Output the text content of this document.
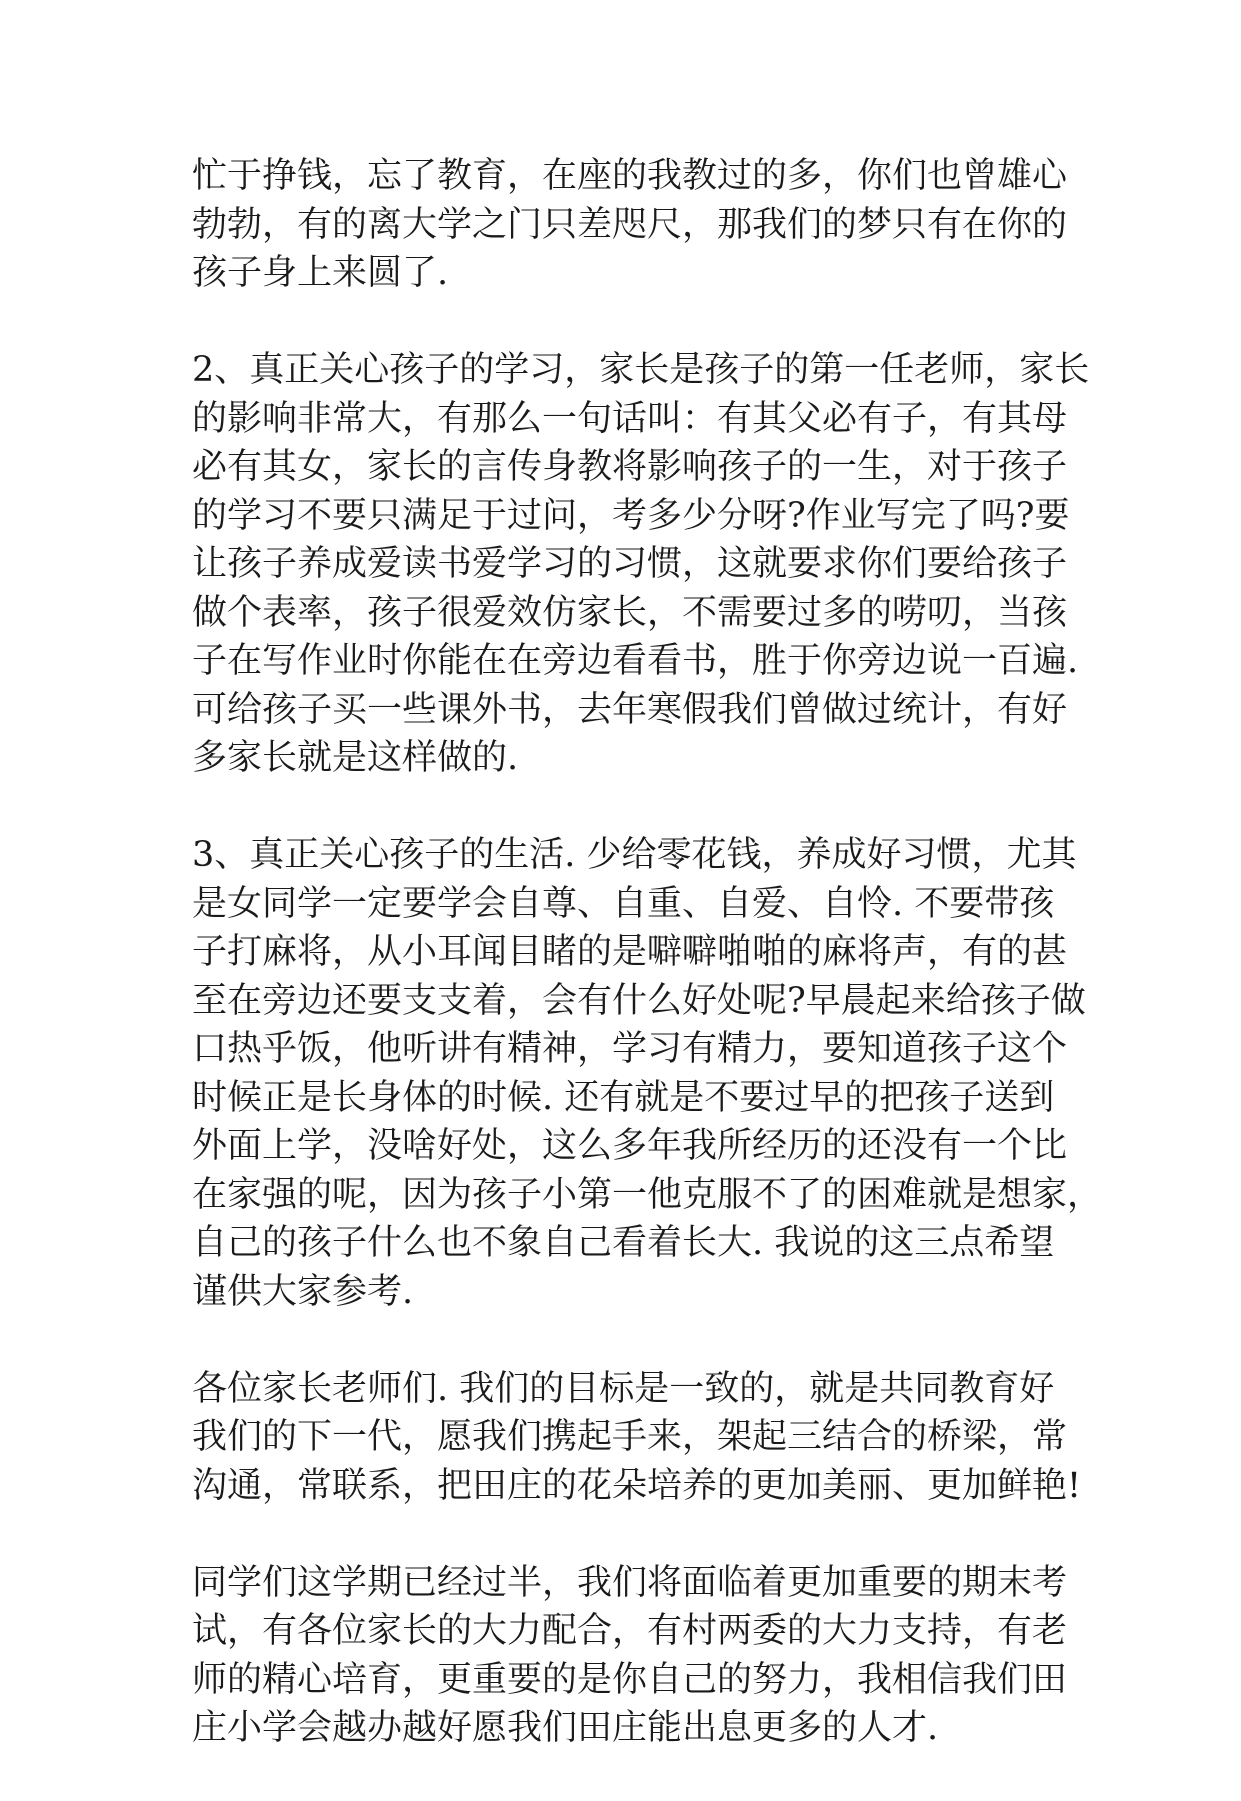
忙于挣钱，忘了教育，在座的我教过的多，你们也曾雄心
勃勃，有的离大学之门只差咫尺，那我们的梦只有在你的
孩子身上来圆了.

2、真正关心孩子的学习，家长是孩子的第一任老师，家长
的影响非常大，有那么一句话叫：有其父必有子，有其母
必有其女，家长的言传身教将影响孩子的一生，对于孩子
的学习不要只满足于过问，考多少分呀?作业写完了吗?要
让孩子养成爱读书爱学习的习惯，这就要求你们要给孩子
做个表率，孩子很爱效仿家长，不需要过多的唠叨，当孩
子在写作业时你能在在旁边看看书，胜于你旁边说一百遍.
可给孩子买一些课外书，去年寒假我们曾做过统计，有好
多家长就是这样做的.

3、真正关心孩子的生活. 少给零花钱，养成好习惯，尤其
是女同学一定要学会自尊、自重、自爱、自怜. 不要带孩
子打麻将，从小耳闻目睹的是噼噼啪啪的麻将声，有的甚
至在旁边还要支支着，会有什么好处呢?早晨起来给孩子做
口热乎饭，他听讲有精神，学习有精力，要知道孩子这个
时候正是长身体的时候. 还有就是不要过早的把孩子送到
外面上学，没啥好处，这么多年我所经历的还没有一个比
在家强的呢，因为孩子小第一他克服不了的困难就是想家，
自己的孩子什么也不象自己看着长大. 我说的这三点希望
谨供大家参考.

各位家长老师们. 我们的目标是一致的，就是共同教育好
我们的下一代，愿我们携起手来，架起三结合的桥梁，常
沟通，常联系，把田庄的花朵培养的更加美丽、更加鲜艳!

同学们这学期已经过半，我们将面临着更加重要的期末考
试，有各位家长的大力配合，有村两委的大力支持，有老
师的精心培育，更重要的是你自己的努力，我相信我们田
庄小学会越办越好愿我们田庄能出息更多的人才.
